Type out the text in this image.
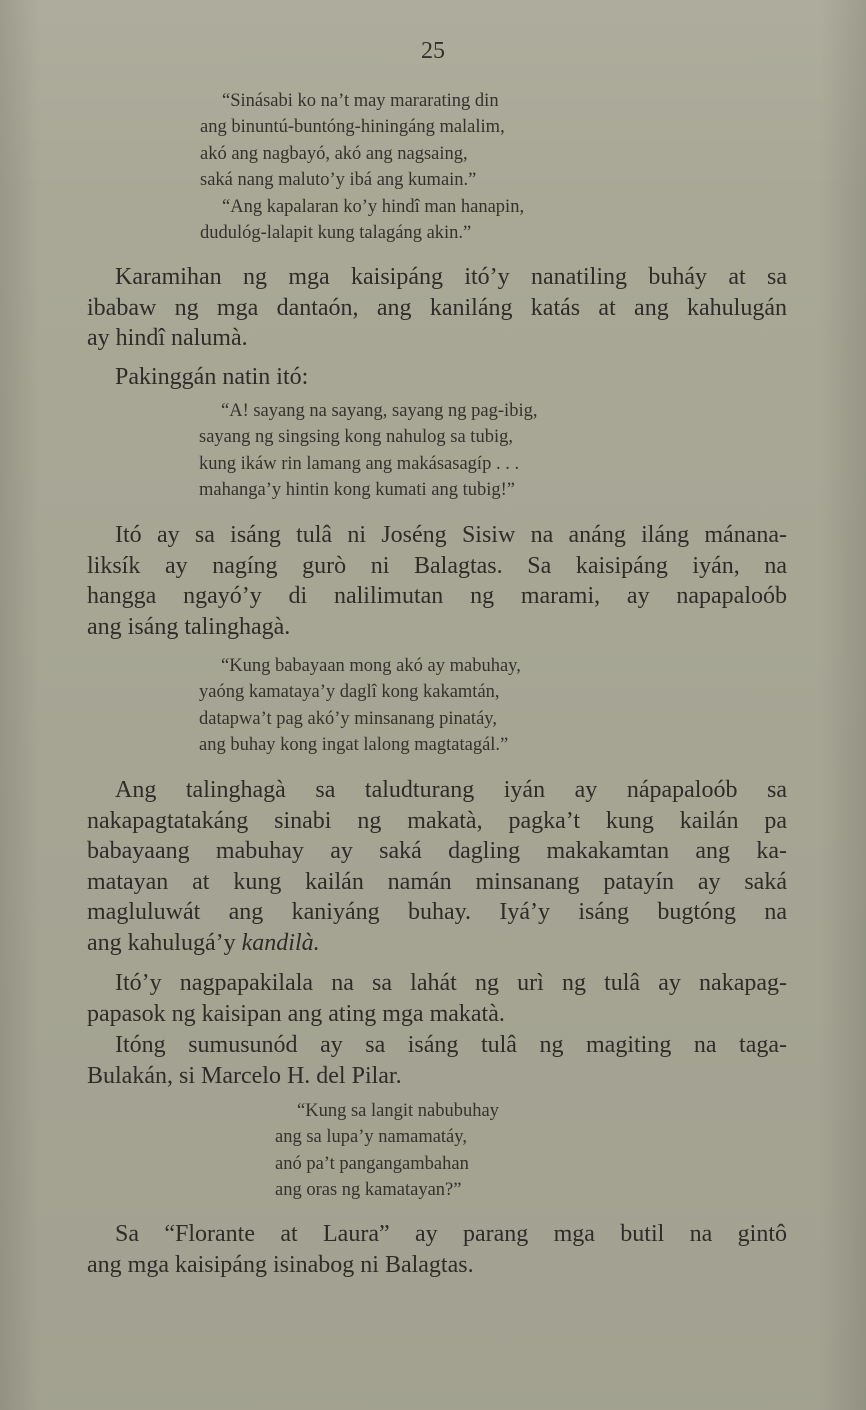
25
“Sinásabi ko na’t may mararating din
ang binuntú-buntóng-hiningáng malalim,
akó ang nagbayó, akó ang nagsaing,
saká nang maluto’y ibá ang kumain.”
“Ang kapalaran ko’y hindî man hanapin,
dudulóg-lalapit kung talagáng akin.”
Karamihan ng mga kaisipáng itó’y nanatiling buháy at sa
ibabaw ng mga dantaón, ang kaniláng katás at ang kahulugán
ay hindî nalumà.
Pakinggán natin itó:
“A! sayang na sayang, sayang ng pag-ibig,
sayang ng singsing kong nahulog sa tubig,
kung ikáw rin lamang ang makásasagíp . . .
mahanga’y hintin kong kumati ang tubig!”
Itó ay sa isáng tulâ ni Joséng Sisiw na anáng iláng mánana-
liksík ay nagíng gurò ni Balagtas. Sa kaisipáng iyán, na
hangga ngayó’y di nalilimutan ng marami, ay napapaloób
ang isáng talinghagà.
“Kung babayaan mong akó ay mabuhay,
yaóng kamataya’y daglî kong kakamtán,
datapwa’t pag akó’y minsanang pinatáy,
ang buhay kong ingat lalong magtatagál.”
Ang talinghagà sa taludturang iyán ay nápapaloób sa
nakapagtatakáng sinabi ng makatà, pagka’t kung kailán pa
babayaang mabuhay ay saká dagling makakamtan ang ka-
matayan at kung kailán namán minsanang patayín ay saká
magluluwát ang kaniyáng buhay. Iyá’y isáng bugtóng na
ang kahulugá’y kandilà.
Itó’y nagpapakilala na sa lahát ng urì ng tulâ ay nakapag-
papasok ng kaisipan ang ating mga makatà.
Itóng sumusunód ay sa isáng tulâ ng magiting na taga-
Bulakán, si Marcelo H. del Pilar.
“Kung sa langit nabubuhay
ang sa lupa’y namamatáy,
anó pa’t pangangambahan
ang oras ng kamatayan?”
Sa “Florante at Laura” ay parang mga butil na gintô
ang mga kaisipáng isinabog ni Balagtas.
